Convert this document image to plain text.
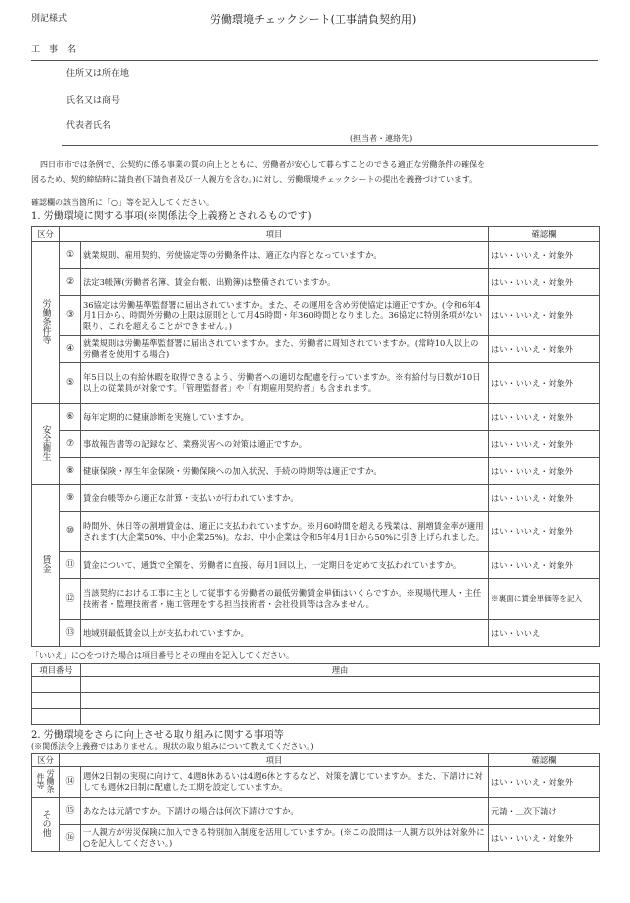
別記様式	労働環境チェックシート(工事請負契約用)
工　事　名
住所又は所在地
氏名又は商号
代表者氏名
(担当者・連絡先)
四日市市では条例で、公契約に係る事業の質の向上とともに、労働者が安心して暮らすことのできる適正な労働条件の確保を
図るため、契約締結時に請負者(下請負者及び一人親方を含む。)に対し、労働環境チェックシートの提出を義務づけています。
確認欄の該当箇所に「○」等を記入してください。
1. 労働環境に関する事項(※関係法令上義務とされるものです)
区分	項目		確認欄
労働条件等	①	就業規則、雇用契約、労使協定等の労働条件は、適正な内容となっていますか。	はい・いいえ・対象外
	②	法定3帳簿(労働者名簿、賃金台帳、出勤簿)は整備されていますか。	はい・いいえ・対象外
	③	36協定は労働基準監督署に届出されていますか。また、その運用を含め労使協定は適正ですか。(令和6年4月1日から、時間外労働の上限は原則として月45時間・年360時間となりました。36協定に特別条項がない限り、これを超えることができません。)	はい・いいえ・対象外
	④	就業規則は労働基準監督署に届出されていますか。また、労働者に周知されていますか。(常時10人以上の労働者を使用する場合)	はい・いいえ・対象外
	⑤	年5日以上の有給休暇を取得できるよう、労働者への適切な配慮を行っていますか。※有給付与日数が10日以上の従業員が対象です。「管理監督者」や「有期雇用契約者」も含まれます。	はい・いいえ・対象外
安全衛生	⑥	毎年定期的に健康診断を実施していますか。	はい・いいえ・対象外
	⑦	事故報告書等の記録など、業務災害への対策は適正ですか。	はい・いいえ・対象外
	⑧	健康保険・厚生年金保険・労働保険への加入状況、手続の時期等は適正ですか。	はい・いいえ・対象外
賃金	⑨	賃金台帳等から適正な計算・支払いが行われていますか。	はい・いいえ・対象外
	⑩	時間外、休日等の割増賃金は、適正に支払われていますか。※月60時間を超える残業は、割増賃金率が適用されます(大企業50%、中小企業25%)。なお、中小企業は令和5年4月1日から50%に引き上げられました。	はい・いいえ・対象外
	⑪	賃金について、通貨で全額を、労働者に直接、毎月1回以上、一定期日を定めて支払われていますか。	はい・いいえ・対象外
	⑫	当該契約における工事に主として従事する労働者の最低労働賃金単価はいくらですか。※現場代理人・主任技術者・監理技術者・施工管理をする担当技術者・会社役員等は含みません。	※裏面に賃金単価等を記入
	⑬	地域別最低賃金以上が支払われていますか。	はい・いいえ
「いいえ」に○をつけた場合は項目番号とその理由を記入してください。
項目番号	理由

2. 労働環境をさらに向上させる取り組みに関する事項等
(※関係法令上義務ではありません。現状の取り組みについて教えてください。)
区分	項目		確認欄

労働条
件等	⑭	週休2日制の実現に向けて、4週8休あるいは4週6休とするなど、対策を講じていますか。また、下請けに対しても週休2日制に配慮した工期を設定していますか。	はい・いいえ・対象外
その他	⑮	あなたは元請ですか。下請けの場合は何次下請けですか。	元請・＿次下請け
	⑯	一人親方が労災保険に加入できる特別加入制度を活用していますか。(※この設問は一人親方以外は対象外に○を記入してください。)	はい・いいえ・対象外
